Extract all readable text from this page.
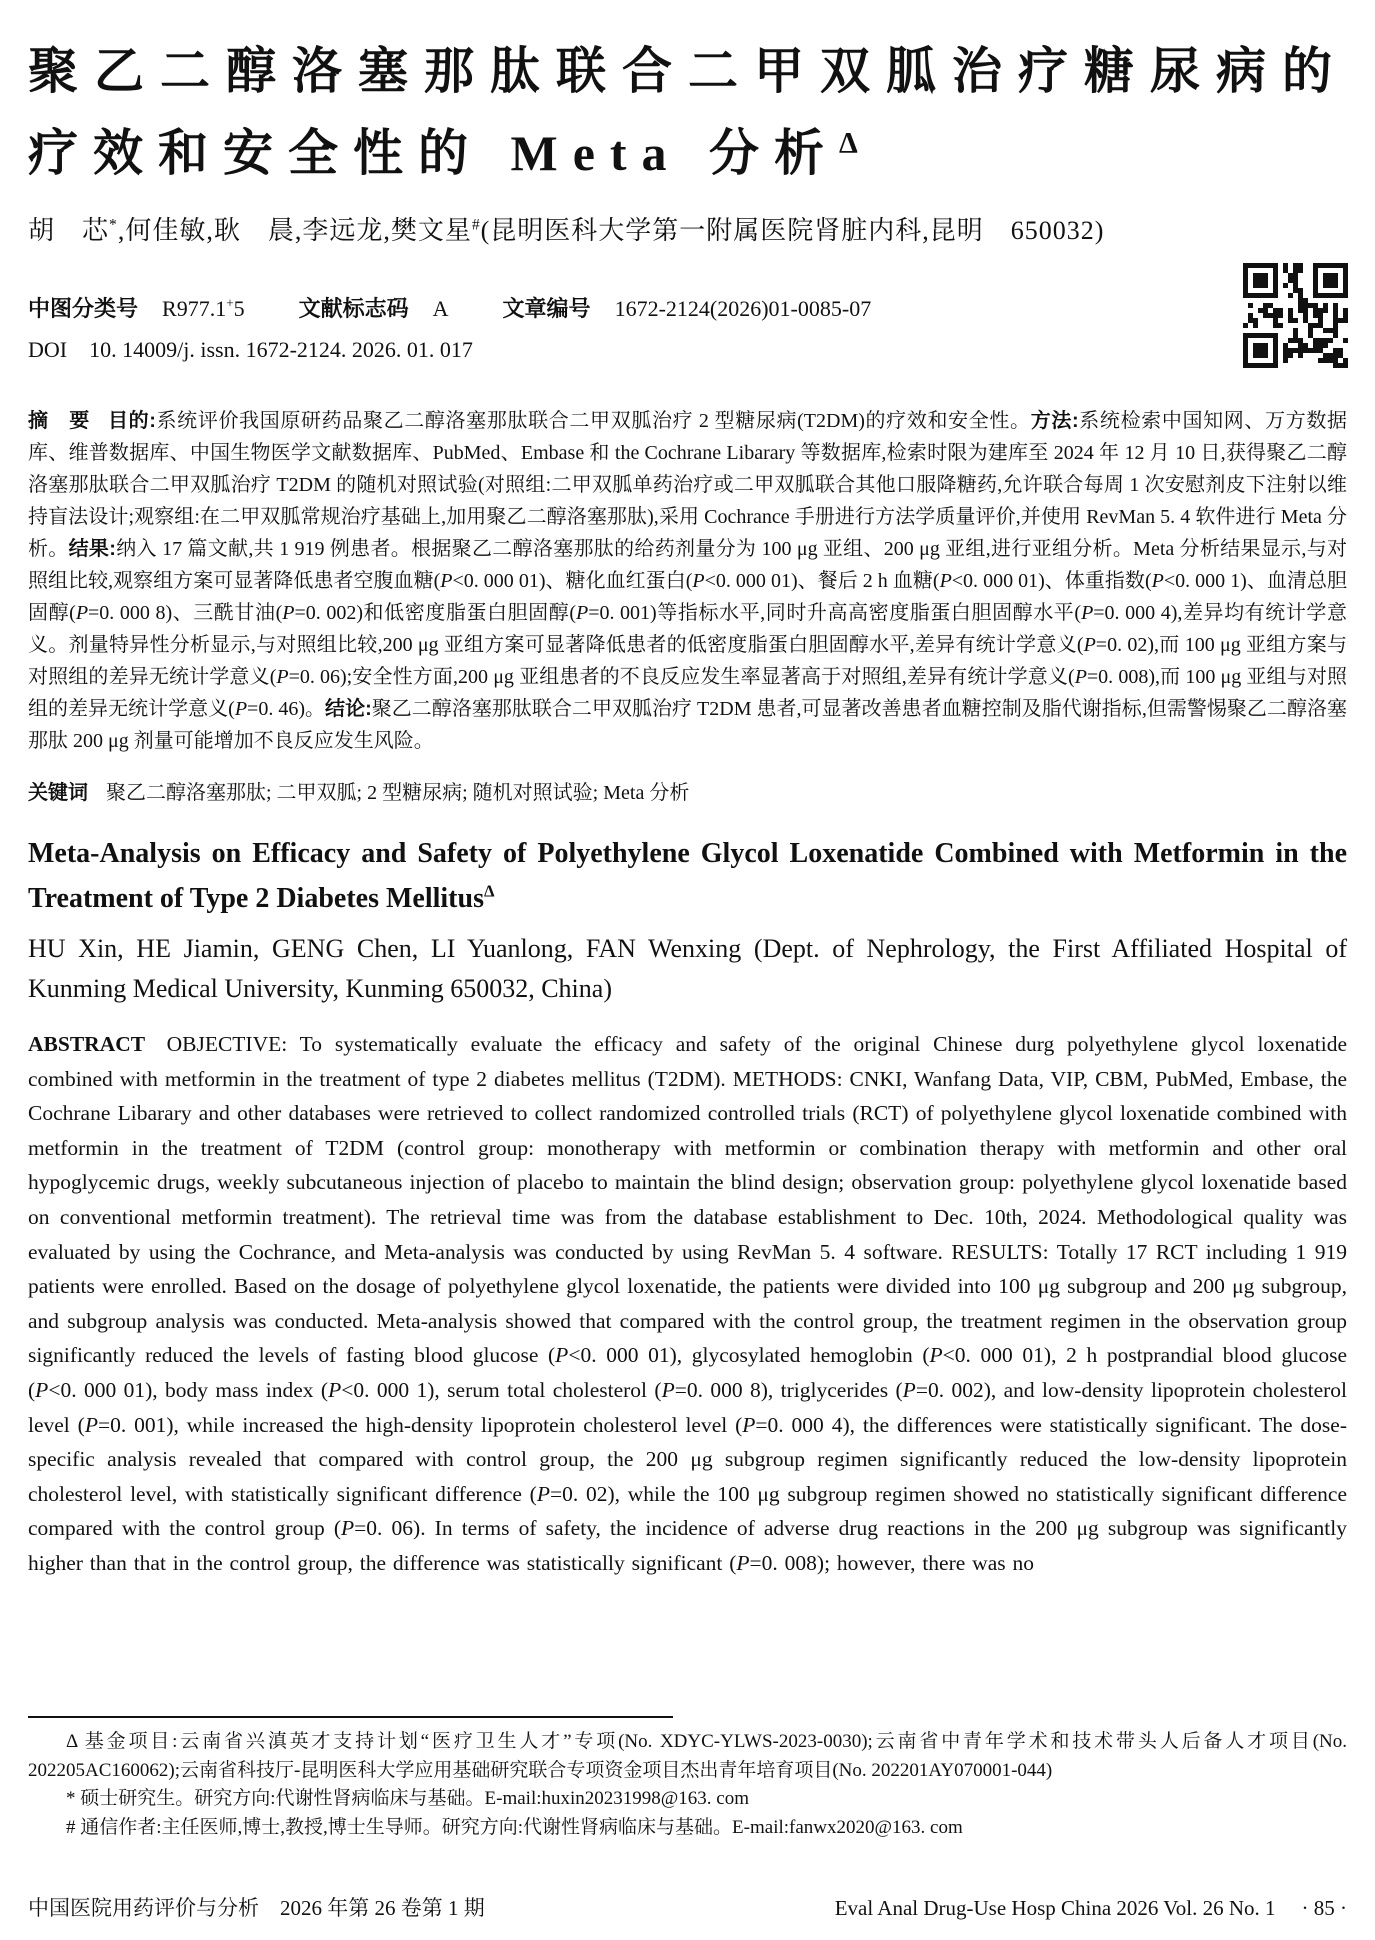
聚乙二醇洛塞那肽联合二甲双胍治疗糖尿病的
疗效和安全性的 Meta 分析$^\Delta$
胡　芯*,何佳敏,耿　晨,李远龙,樊文星#(昆明医科大学第一附属医院肾脏内科,昆明　650032)
中图分类号 R977.1+5 文献标志码 A 文章编号 1672-2124(2026)01-0085-07
DOI 10. 14009/j. issn. 1672-2124. 2026. 01. 017

摘　要 目的:系统评价我国原研药品聚乙二醇洛塞那肽联合二甲双胍治疗 2 型糖尿病(T2DM)的疗效和安全性。方法:系统检索中国知网、万方数据库、维普数据库、中国生物医学文献数据库、PubMed、Embase 和 the Cochrane Libarary 等数据库,检索时限为建库至 2024 年 12 月 10 日,获得聚乙二醇洛塞那肽联合二甲双胍治疗 T2DM 的随机对照试验(对照组:二甲双胍单药治疗或二甲双胍联合其他口服降糖药,允许联合每周 1 次安慰剂皮下注射以维持盲法设计;观察组:在二甲双胍常规治疗基础上,加用聚乙二醇洛塞那肽),采用 Cochrance 手册进行方法学质量评价,并使用 RevMan 5. 4 软件进行 Meta 分析。结果:纳入 17 篇文献,共 1 919 例患者。根据聚乙二醇洛塞那肽的给药剂量分为 100 μg 亚组、200 μg 亚组,进行亚组分析。Meta 分析结果显示,与对照组比较,观察组方案可显著降低患者空腹血糖(P<0. 000 01)、糖化血红蛋白(P<0. 000 01)、餐后 2 h 血糖(P<0. 000 01)、体重指数(P<0. 000 1)、血清总胆固醇(P=0. 000 8)、三酰甘油(P=0. 002)和低密度脂蛋白胆固醇(P=0. 001)等指标水平,同时升高高密度脂蛋白胆固醇水平(P=0. 000 4),差异均有统计学意义。剂量特异性分析显示,与对照组比较,200 μg 亚组方案可显著降低患者的低密度脂蛋白胆固醇水平,差异有统计学意义(P=0. 02),而 100 μg 亚组方案与对照组的差异无统计学意义(P=0. 06);安全性方面,200 μg 亚组患者的不良反应发生率显著高于对照组,差异有统计学意义(P=0. 008),而 100 μg 亚组与对照组的差异无统计学意义(P=0. 46)。结论:聚乙二醇洛塞那肽联合二甲双胍治疗 T2DM 患者,可显著改善患者血糖控制及脂代谢指标,但需警惕聚乙二醇洛塞那肽 200 μg 剂量可能增加不良反应发生风险。

关键词 聚乙二醇洛塞那肽; 二甲双胍; 2 型糖尿病; 随机对照试验; Meta 分析

Meta-Analysis on Efficacy and Safety of Polyethylene Glycol Loxenatide Combined with Metformin in the Treatment of Type 2 Diabetes Mellitus$^\Delta$
HU Xin, HE Jiamin, GENG Chen, LI Yuanlong, FAN Wenxing (Dept. of Nephrology, the First Affiliated Hospital of Kunming Medical University, Kunming 650032, China)

ABSTRACT OBJECTIVE: To systematically evaluate the efficacy and safety of the original Chinese durg polyethylene glycol loxenatide combined with metformin in the treatment of type 2 diabetes mellitus (T2DM). METHODS: CNKI, Wanfang Data, VIP, CBM, PubMed, Embase, the Cochrane Libarary and other databases were retrieved to collect randomized controlled trials (RCT) of polyethylene glycol loxenatide combined with metformin in the treatment of T2DM (control group: monotherapy with metformin or combination therapy with metformin and other oral hypoglycemic drugs, weekly subcutaneous injection of placebo to maintain the blind design; observation group: polyethylene glycol loxenatide based on conventional metformin treatment). The retrieval time was from the database establishment to Dec. 10th, 2024. Methodological quality was evaluated by using the Cochrance, and Meta-analysis was conducted by using RevMan 5. 4 software. RESULTS: Totally 17 RCT including 1 919 patients were enrolled. Based on the dosage of polyethylene glycol loxenatide, the patients were divided into 100 μg subgroup and 200 μg subgroup, and subgroup analysis was conducted. Meta-analysis showed that compared with the control group, the treatment regimen in the observation group significantly reduced the levels of fasting blood glucose (P<0. 000 01), glycosylated hemoglobin (P<0. 000 01), 2 h postprandial blood glucose (P<0. 000 01), body mass index (P<0. 000 1), serum total cholesterol (P=0. 000 8), triglycerides (P=0. 002), and low-density lipoprotein cholesterol level (P=0. 001), while increased the high-density lipoprotein cholesterol level (P=0. 000 4), the differences were statistically significant. The dose-specific analysis revealed that compared with control group, the 200 μg subgroup regimen significantly reduced the low-density lipoprotein cholesterol level, with statistically significant difference (P=0. 02), while the 100 μg subgroup regimen showed no statistically significant difference compared with the control group (P=0. 06). In terms of safety, the incidence of adverse drug reactions in the 200 μg subgroup was significantly higher than that in the control group, the difference was statistically significant (P=0. 008); however, there was no

Δ 基金项目:云南省兴滇英才支持计划“医疗卫生人才”专项(No. XDYC-YLWS-2023-0030);云南省中青年学术和技术带头人后备人才项目(No. 202205AC160062);云南省科技厅-昆明医科大学应用基础研究联合专项资金项目杰出青年培育项目(No. 202201AY070001-044)

* 硕士研究生。研究方向:代谢性肾病临床与基础。E-mail:huxin20231998@163. com

# 通信作者:主任医师,博士,教授,博士生导师。研究方向:代谢性肾病临床与基础。E-mail:fanwx2020@163. com

中国医院用药评价与分析　2026 年第 26 卷第 1 期	Eval Anal Drug-Use Hosp China 2026 Vol. 26 No. 1 · 85 ·
